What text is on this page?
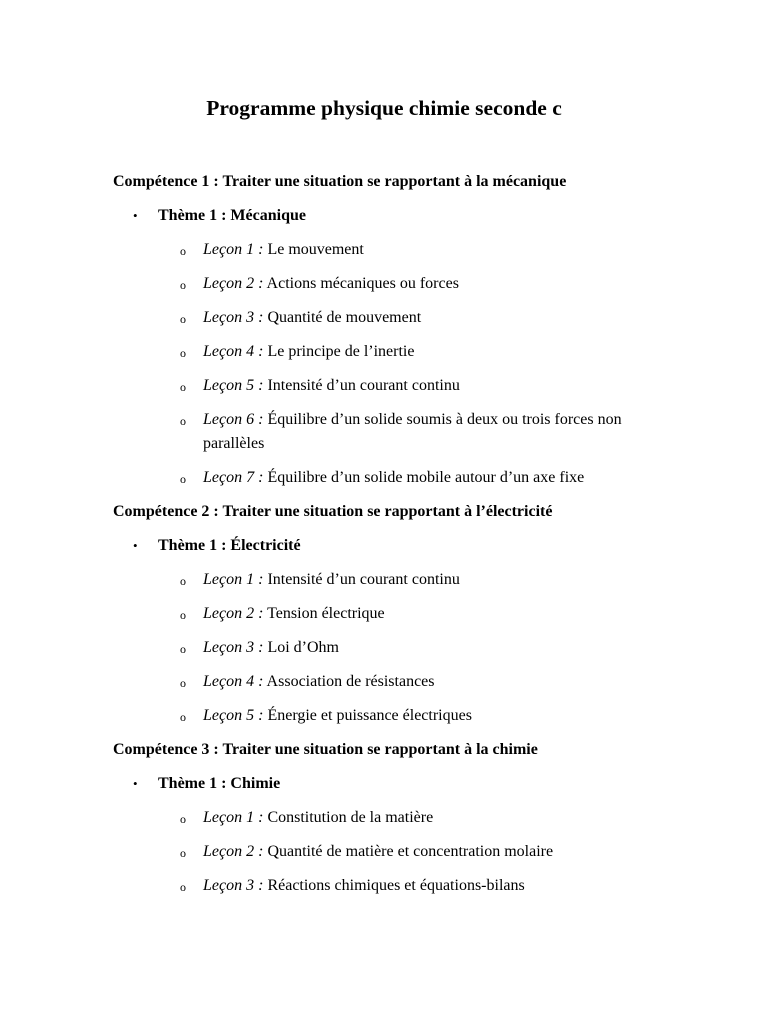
Programme physique chimie seconde c

Compétence 1 : Traiter une situation se rapportant à la mécanique

• Thème 1 : Mécanique

o Leçon 1 : Le mouvement
o Leçon 2 : Actions mécaniques ou forces
o Leçon 3 : Quantité de mouvement
o Leçon 4 : Le principe de l’inertie
o Leçon 5 : Intensité d’un courant continu
o Leçon 6 : Équilibre d’un solide soumis à deux ou trois forces non parallèles
o Leçon 7 : Équilibre d’un solide mobile autour d’un axe fixe

Compétence 2 : Traiter une situation se rapportant à l’électricité

• Thème 1 : Électricité

o Leçon 1 : Intensité d’un courant continu
o Leçon 2 : Tension électrique
o Leçon 3 : Loi d’Ohm
o Leçon 4 : Association de résistances
o Leçon 5 : Énergie et puissance électriques

Compétence 3 : Traiter une situation se rapportant à la chimie

• Thème 1 : Chimie

o Leçon 1 : Constitution de la matière
o Leçon 2 : Quantité de matière et concentration molaire
o Leçon 3 : Réactions chimiques et équations-bilans
